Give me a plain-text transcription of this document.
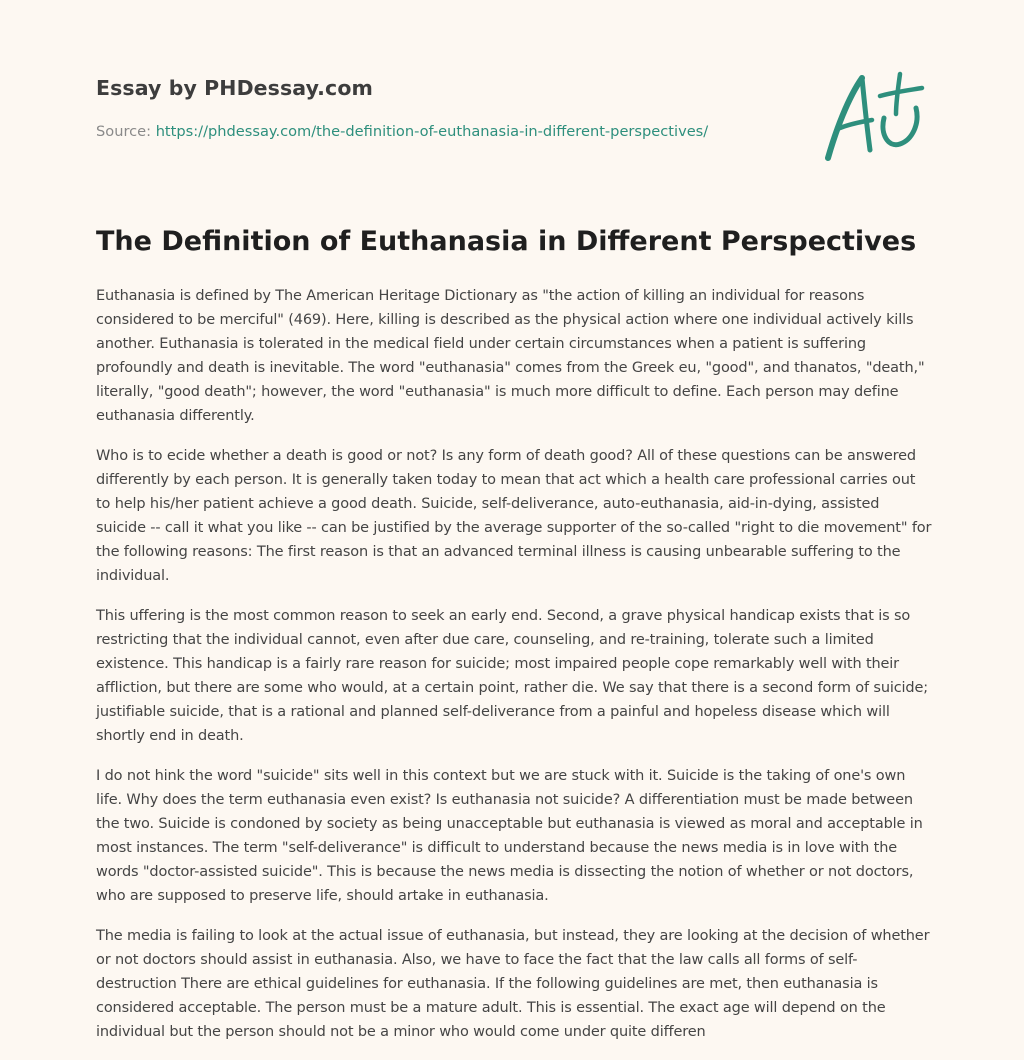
Essay by PHDessay.com
Source: https://phdessay.com/the-definition-of-euthanasia-in-different-perspectives/
The Definition of Euthanasia in Different Perspectives

Euthanasia is defined by The American Heritage Dictionary as "the action of killing an individual for reasons considered to be merciful" (469). Here, killing is described as the physical action where one individual actively kills another. Euthanasia is tolerated in the medical field under certain circumstances when a patient is suffering profoundly and death is inevitable. The word "euthanasia" comes from the Greek eu, "good", and thanatos, "death," literally, "good death"; however, the word "euthanasia" is much more difficult to define. Each person may define euthanasia differently.

Who is to ecide whether a death is good or not? Is any form of death good? All of these questions can be answered differently by each person. It is generally taken today to mean that act which a health care professional carries out to help his/her patient achieve a good death. Suicide, self-deliverance, auto-euthanasia, aid-in-dying, assisted suicide -- call it what you like -- can be justified by the average supporter of the so-called "right to die movement" for the following reasons: The first reason is that an advanced terminal illness is causing unbearable suffering to the individual.

This uffering is the most common reason to seek an early end. Second, a grave physical handicap exists that is so restricting that the individual cannot, even after due care, counseling, and re-training, tolerate such a limited existence. This handicap is a fairly rare reason for suicide; most impaired people cope remarkably well with their affliction, but there are some who would, at a certain point, rather die. We say that there is a second form of suicide; justifiable suicide, that is a rational and planned self-deliverance from a painful and hopeless disease which will shortly end in death.

I do not hink the word "suicide" sits well in this context but we are stuck with it. Suicide is the taking of one's own life. Why does the term euthanasia even exist? Is euthanasia not suicide? A differentiation must be made between the two. Suicide is condoned by society as being unacceptable but euthanasia is viewed as moral and acceptable in most instances. The term "self-deliverance" is difficult to understand because the news media is in love with the words "doctor-assisted suicide". This is because the news media is dissecting the notion of whether or not doctors, who are supposed to preserve life, should artake in euthanasia.

The media is failing to look at the actual issue of euthanasia, but instead, they are looking at the decision of whether or not doctors should assist in euthanasia. Also, we have to face the fact that the law calls all forms of self-destruction There are ethical guidelines for euthanasia. If the following guidelines are met, then euthanasia is considered acceptable. The person must be a mature adult. This is essential. The exact age will depend on the individual but the person should not be a minor who would come under quite differen
